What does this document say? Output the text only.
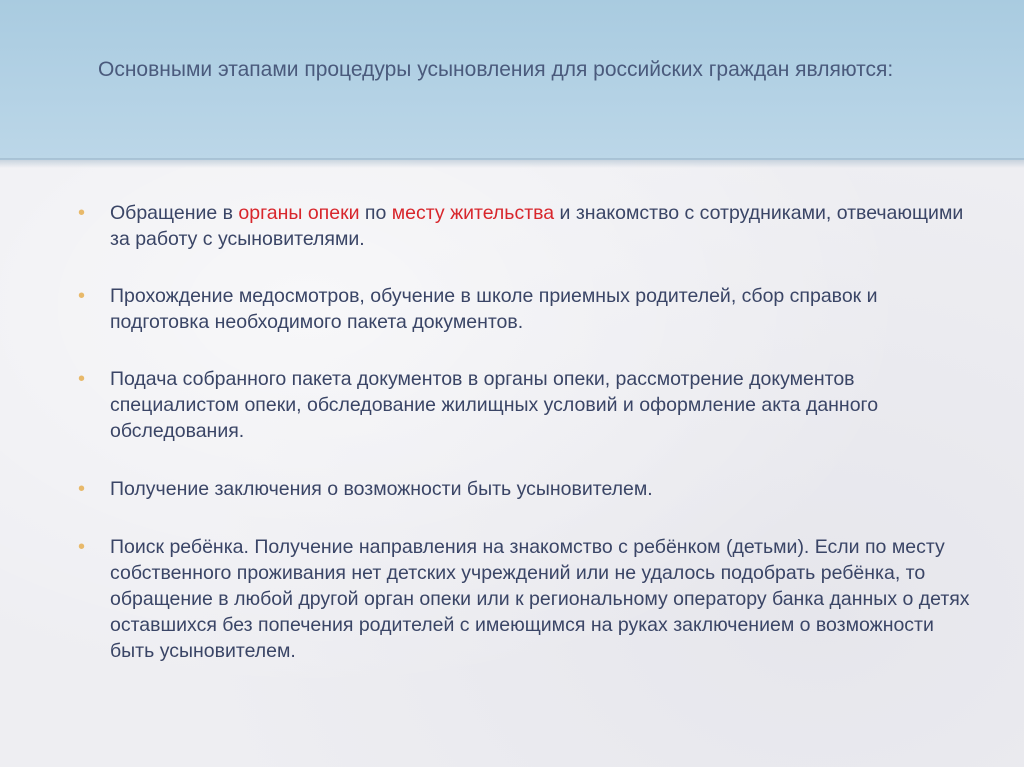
Основными этапами процедуры усыновления для российских граждан являются:
•	Обращение в органы опеки по месту жительства и знакомство с сотрудниками, отвечающими за работу с усыновителями.
•	Прохождение медосмотров, обучение в школе приемных родителей, сбор справок и подготовка необходимого пакета документов.
•	Подача собранного пакета документов в органы опеки, рассмотрение документов специалистом опеки, обследование жилищных условий и оформление акта данного обследования.
•	Получение заключения о возможности быть усыновителем.
•	Поиск ребёнка. Получение направления на знакомство с ребёнком (детьми). Если по месту собственного проживания нет детских учреждений или не удалось подобрать ребёнка, то обращение в любой другой орган опеки или к региональному оператору банка данных о детях оставшихся без попечения родителей с имеющимся на руках заключением о возможности быть усыновителем.
